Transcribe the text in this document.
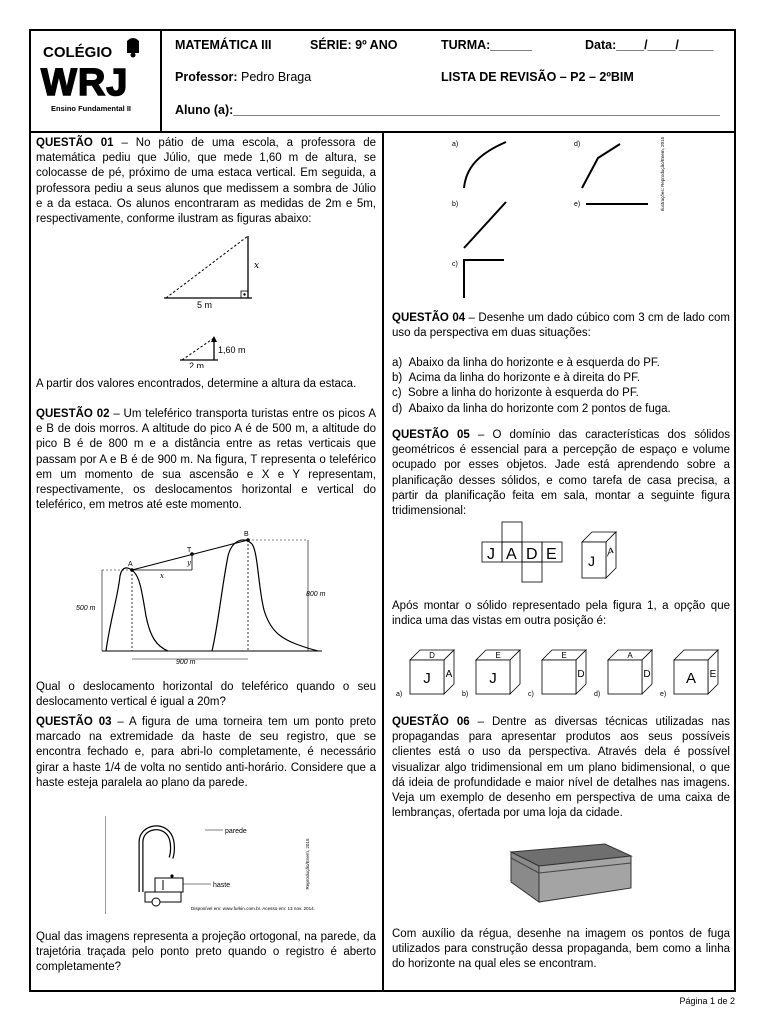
COLÉGIO
WRJ
Ensino Fundamental II
MATEMÁTICA III	SÉRIE: 9º ANO	TURMA:______	Data:____/____/_____
Professor: Pedro Braga	LISTA DE REVISÃO – P2 – 2ºBIM
Aluno (a):______________________________________________________________________

QUESTÃO 01 – No pátio de uma escola, a professora de matemática pediu que Júlio, que mede 1,60 m de altura, se colocasse de pé, próximo de uma estaca vertical. Em seguida, a professora pediu a seus alunos que medissem a sombra de Júlio e a da estaca. Os alunos encontraram as medidas de 2m e 5m, respectivamente, conforme ilustram as figuras abaixo:

x
5 m
1,60 m
2 m
A partir dos valores encontrados, determine a altura da estaca.

QUESTÃO 02 – Um teleférico transporta turistas entre os picos A e B de dois morros. A altitude do pico A é de 500 m, a altitude do pico B é de 800 m e a distância entre as retas verticais que passam por A e B é de 900 m. Na figura, T representa o teleférico em um momento de sua ascensão e X e Y representam, respectivamente, os deslocamentos horizontal e vertical do teleférico, em metros até este momento.

A
B
T
x
y
500 m
800 m
900 m
Qual o deslocamento horizontal do teleférico quando o seu deslocamento vertical é igual a 20m?

QUESTÃO 03 – A figura de uma torneira tem um ponto preto marcado na extremidade da haste de seu registro, que se encontra fechado e, para abri-lo completamente, é necessário girar a haste 1/4 de volta no sentido anti-horário. Considere que a haste esteja paralela ao plano da parede.

parede
haste
Disponível em: www.furkin.com.br. Acesso em: 13 nov. 2014.
Reprodução/Enem, 2015
Qual das imagens representa a projeção ortogonal, na parede, da trajetória traçada pelo ponto preto quando o registro é aberto completamente?
a)	d)
b)	e)
c)
Ilustrações: Reprodução/Enem, 2015

QUESTÃO 04 – Desenhe um dado cúbico com 3 cm de lado com uso da perspectiva em duas situações:

a)  Abaixo da linha do horizonte e à esquerda do PF.
b)  Acima da linha do horizonte e à direita do PF.
c)  Sobre a linha do horizonte à esquerda do PF.
d)  Abaixo da linha do horizonte com 2 pontos de fuga.

QUESTÃO 05 – O domínio das características dos sólidos geométricos é essencial para a percepção de espaço e volume ocupado por esses objetos. Jade está aprendendo sobre a planificação desses sólidos, e como tarefa de casa precisa, a partir da planificação feita em sala, montar a seguinte figura tridimensional:

J A D E J
A
Após montar o sólido representado pela figura 1, a opção que indica uma das vistas em outra posição é:
a)
J A
D
b)
J
E
c)
D
E
d)
D
A
e)
A E

QUESTÃO 06 – Dentre as diversas técnicas utilizadas nas propagandas para apresentar produtos aos seus possíveis clientes está o uso da perspectiva. Através dela é possível visualizar algo tridimensional em um plano bidimensional, o que dá ideia de profundidade e maior nível de detalhes nas imagens. Veja um exemplo de desenho em perspectiva de uma caixa de lembranças, ofertada por uma loja da cidade.

Com auxílio da régua, desenhe na imagem os pontos de fuga utilizados para construção dessa propaganda, bem como a linha do horizonte na qual eles se encontram.
Página 1 de 2
